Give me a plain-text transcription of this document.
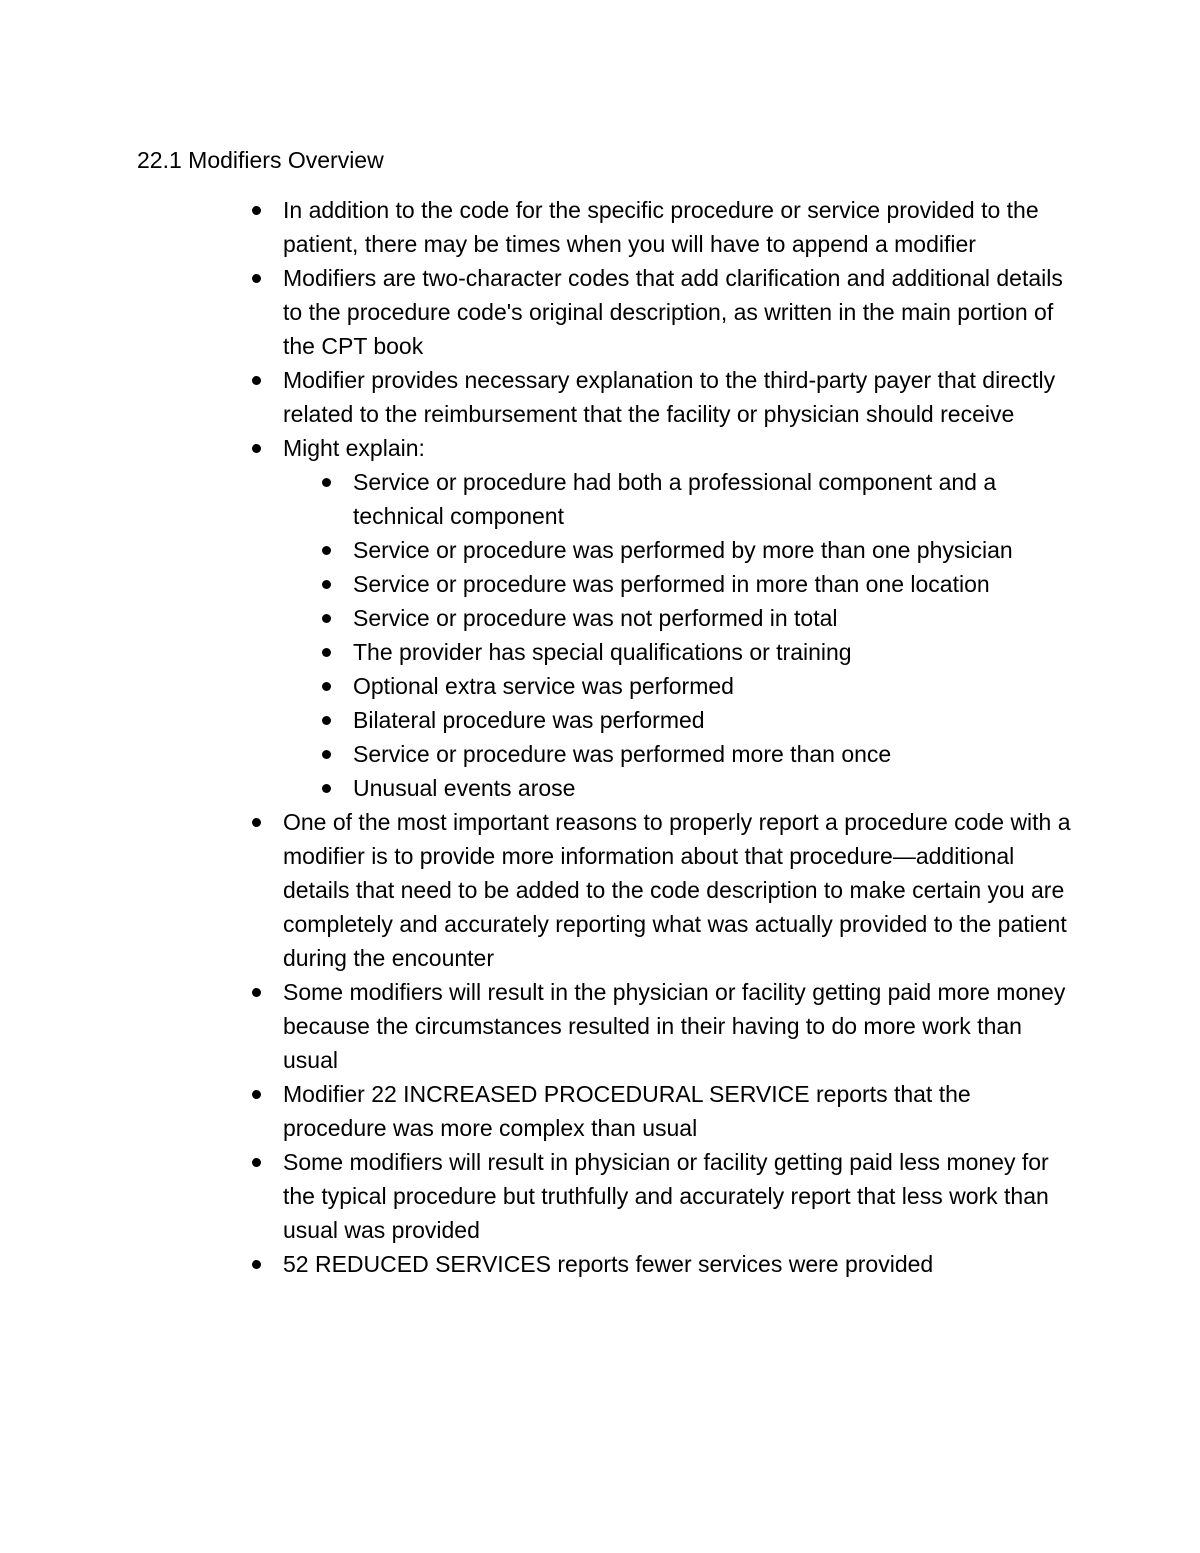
22.1 Modifiers Overview
In addition to the code for the specific procedure or service provided to the patient, there may be times when you will have to append a modifier
Modifiers are two-character codes that add clarification and additional details to the procedure code's original description, as written in the main portion of the CPT book
Modifier provides necessary explanation to the third-party payer that directly related to the reimbursement that the facility or physician should receive
Might explain:
Service or procedure had both a professional component and a technical component
Service or procedure was performed by more than one physician
Service or procedure was performed in more than one location
Service or procedure was not performed in total
The provider has special qualifications or training
Optional extra service was performed
Bilateral procedure was performed
Service or procedure was performed more than once
Unusual events arose
One of the most important reasons to properly report a procedure code with a modifier is to provide more information about that procedure—additional details that need to be added to the code description to make certain you are completely and accurately reporting what was actually provided to the patient during the encounter
Some modifiers will result in the physician or facility getting paid more money because the circumstances resulted in their having to do more work than usual
Modifier 22 INCREASED PROCEDURAL SERVICE reports that the procedure was more complex than usual
Some modifiers will result in physician or facility getting paid less money for the typical procedure but truthfully and accurately report that less work than usual was provided
52 REDUCED SERVICES reports fewer services were provided
